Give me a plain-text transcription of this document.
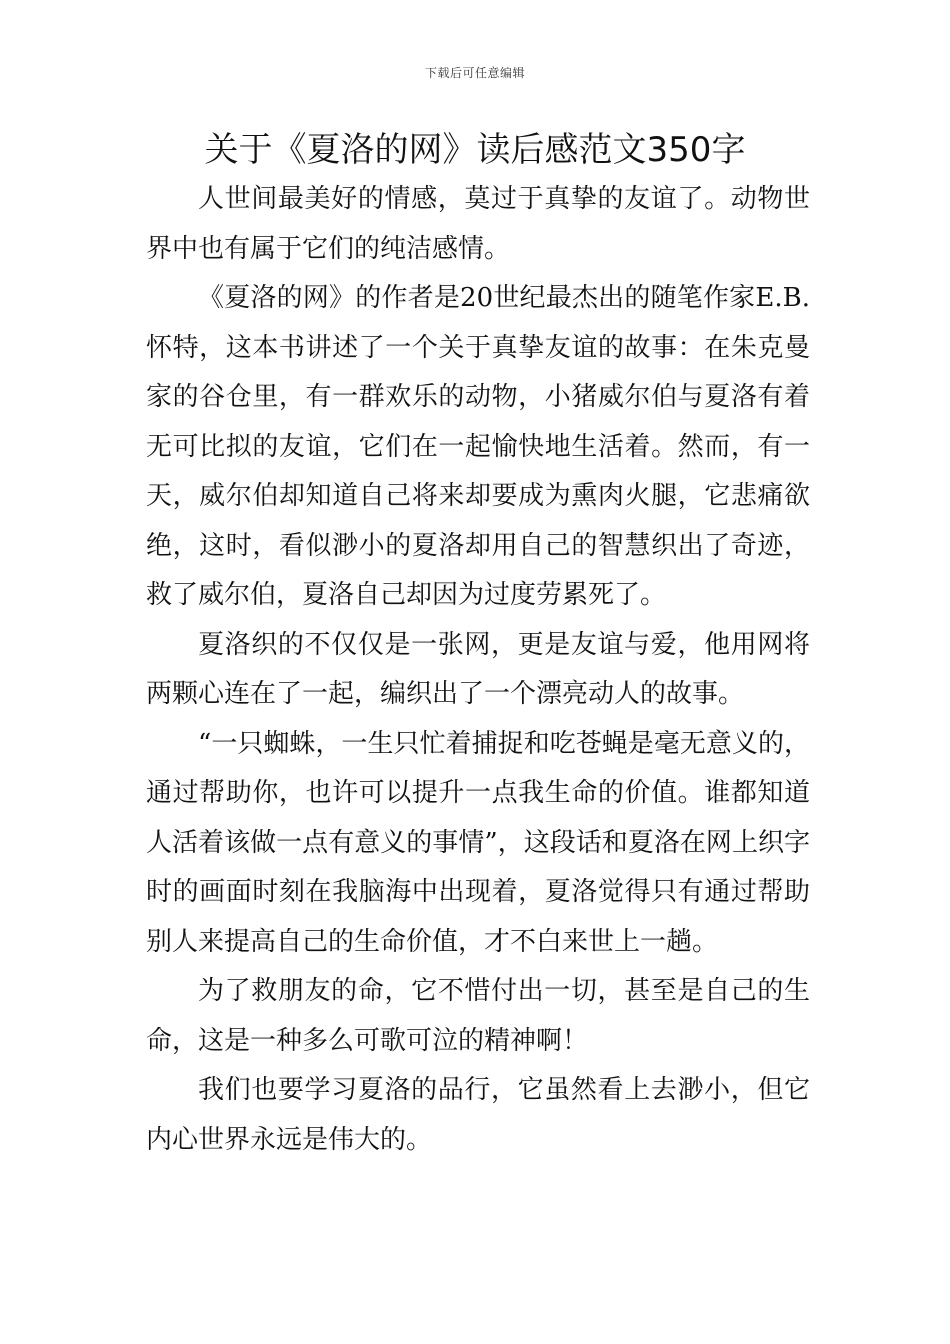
下载后可任意编辑
关于《夏洛的网》读后感范文350字

人世间最美好的情感，莫过于真挚的友谊了。动物世界中也有属于它们的纯洁感情。

《夏洛的网》的作者是20世纪最杰出的随笔作家E.B.怀特，这本书讲述了一个关于真挚友谊的故事：在朱克曼家的谷仓里，有一群欢乐的动物，小猪威尔伯与夏洛有着无可比拟的友谊，它们在一起愉快地生活着。然而，有一天，威尔伯却知道自己将来却要成为熏肉火腿，它悲痛欲绝，这时，看似渺小的夏洛却用自己的智慧织出了奇迹，救了威尔伯，夏洛自己却因为过度劳累死了。

夏洛织的不仅仅是一张网，更是友谊与爱，他用网将两颗心连在了一起，编织出了一个漂亮动人的故事。

“一只蜘蛛，一生只忙着捕捉和吃苍蝇是毫无意义的，通过帮助你，也许可以提升一点我生命的价值。谁都知道人活着该做一点有意义的事情”，这段话和夏洛在网上织字时的画面时刻在我脑海中出现着，夏洛觉得只有通过帮助别人来提高自己的生命价值，才不白来世上一趟。

为了救朋友的命，它不惜付出一切，甚至是自己的生命，这是一种多么可歌可泣的精神啊！

我们也要学习夏洛的品行，它虽然看上去渺小，但它内心世界永远是伟大的。
